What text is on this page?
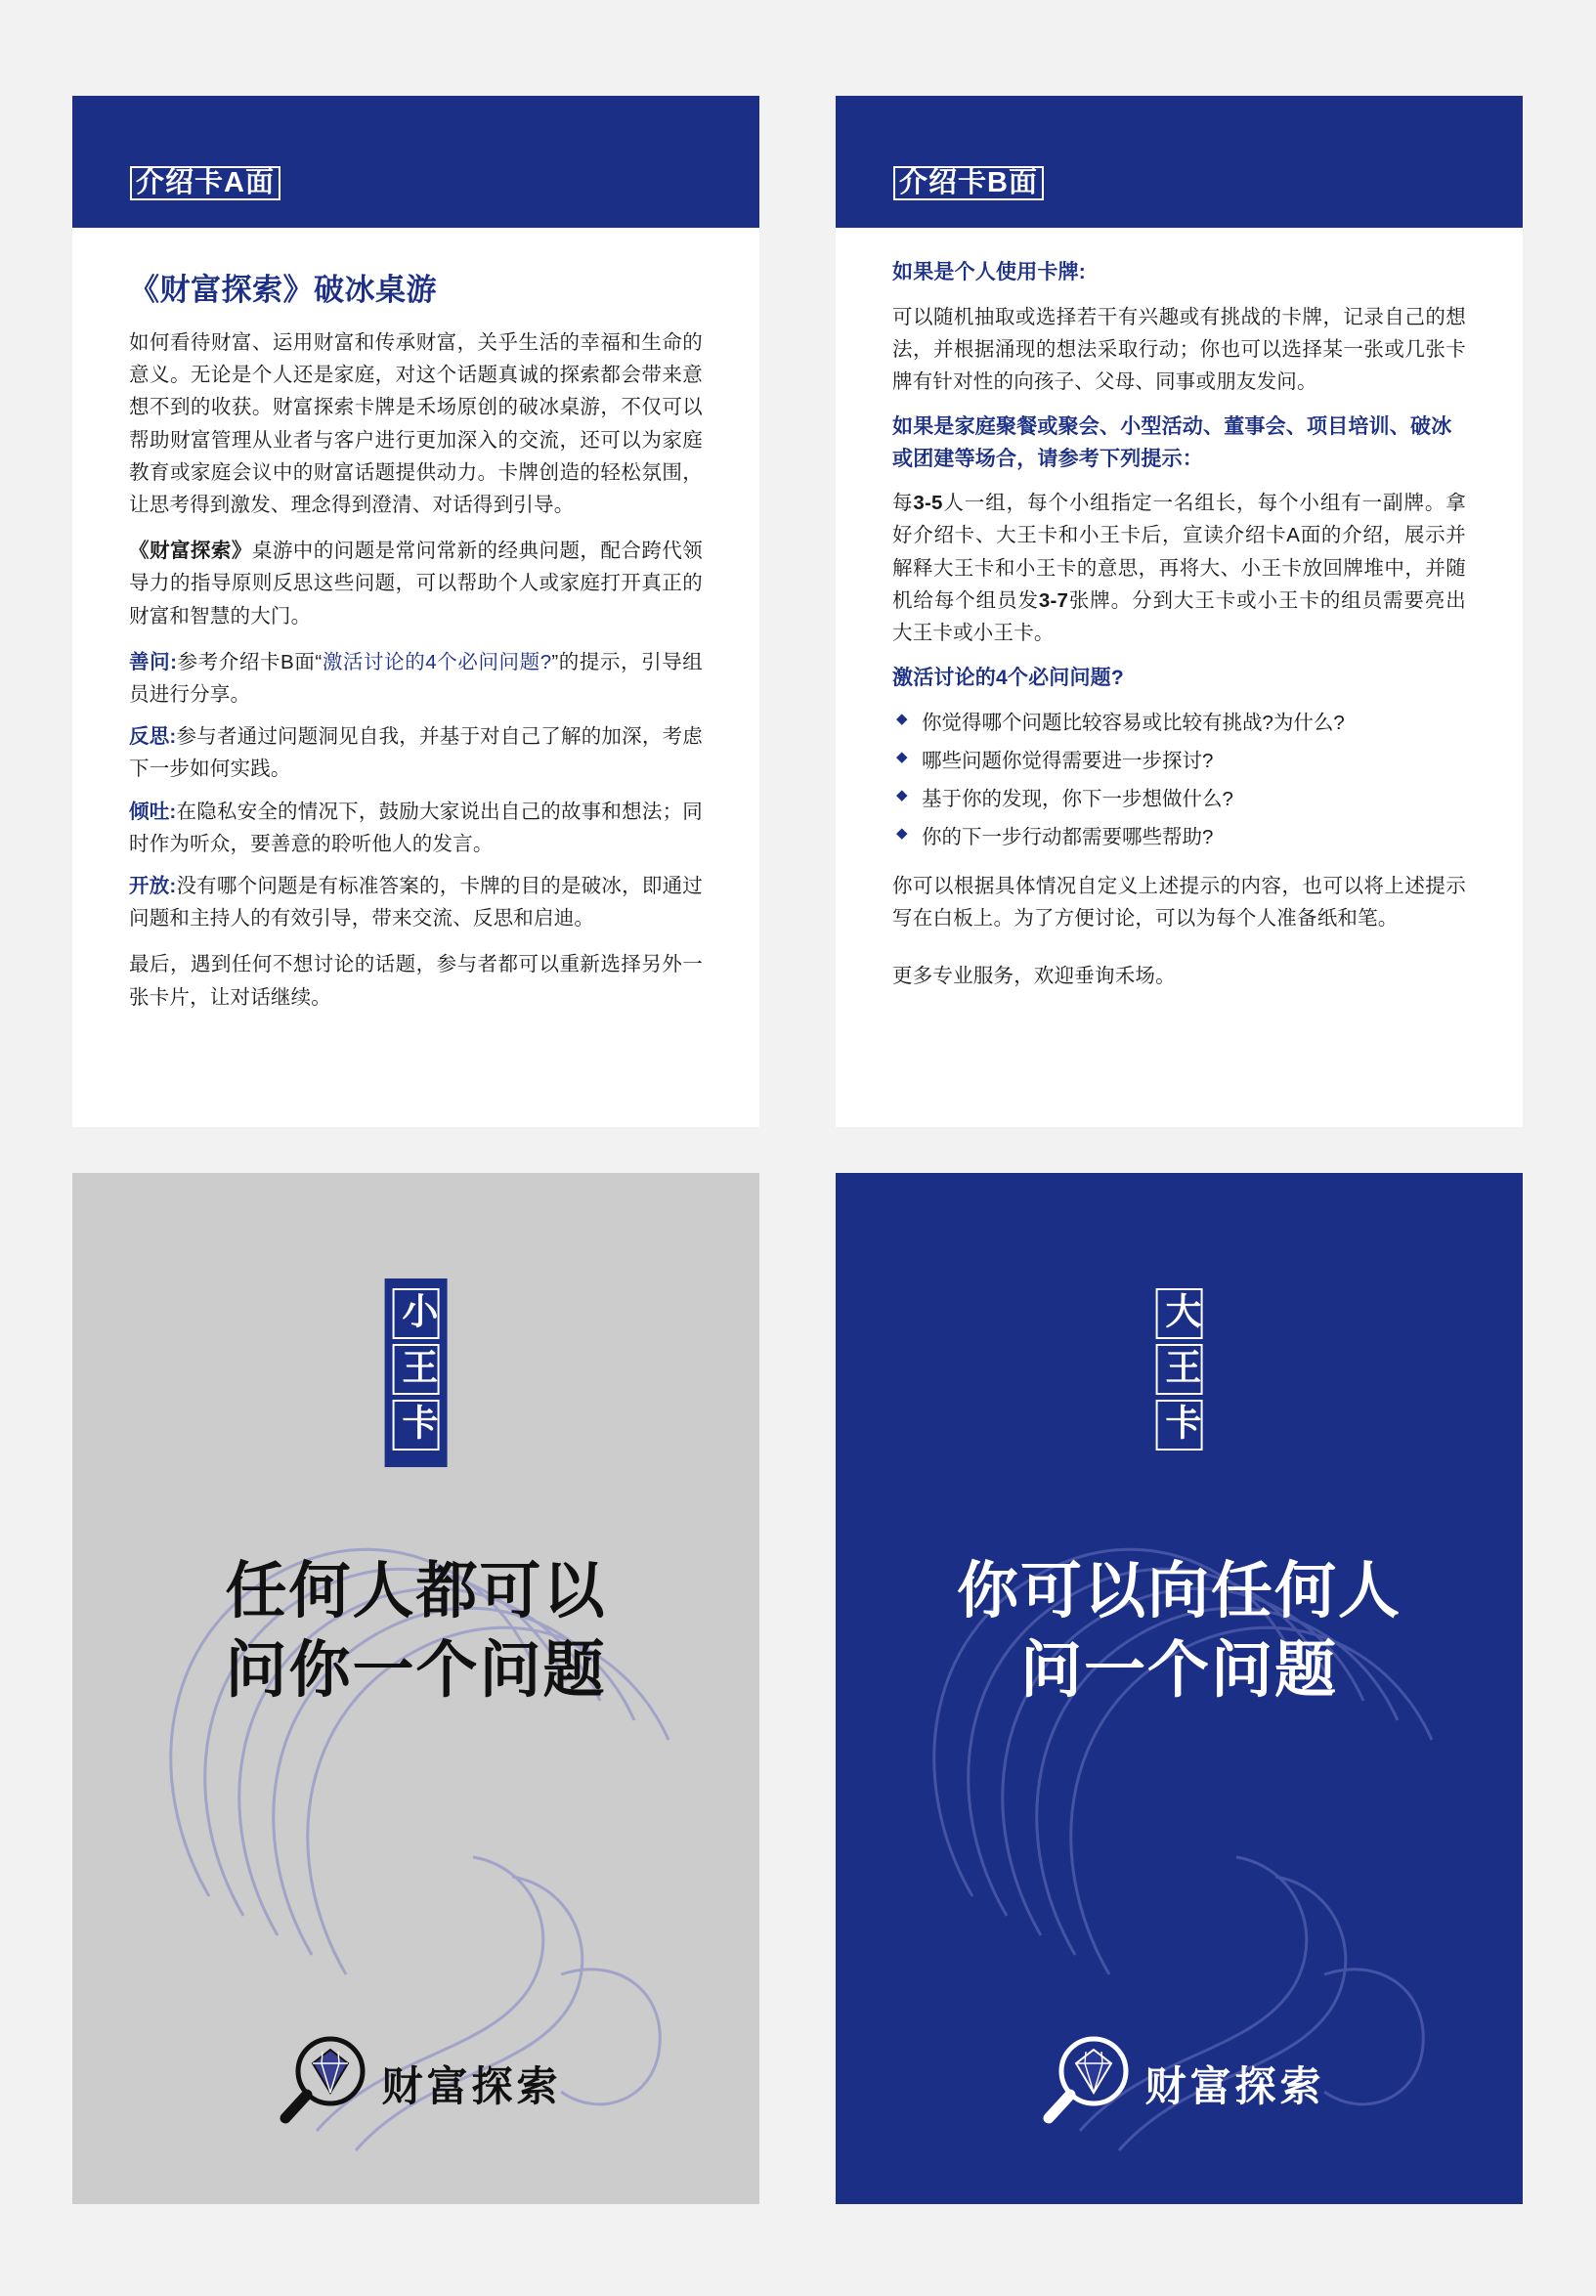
介绍卡A面
《财富探索》破冰桌游

如何看待财富、运用财富和传承财富，关乎生活的幸福和生命的意义。无论是个人还是家庭，对这个话题真诚的探索都会带来意想不到的收获。财富探索卡牌是禾场原创的破冰桌游，不仅可以帮助财富管理从业者与客户进行更加深入的交流，还可以为家庭教育或家庭会议中的财富话题提供动力。卡牌创造的轻松氛围，让思考得到激发、理念得到澄清、对话得到引导。

《财富探索》桌游中的问题是常问常新的经典问题，配合跨代领导力的指导原则反思这些问题，可以帮助个人或家庭打开真正的财富和智慧的大门。

善问:参考介绍卡B面“激活讨论的4个必问问题?”的提示，引导组员进行分享。

反思:参与者通过问题洞见自我，并基于对自己了解的加深，考虑下一步如何实践。

倾吐:在隐私安全的情况下，鼓励大家说出自己的故事和想法；同时作为听众，要善意的聆听他人的发言。

开放:没有哪个问题是有标准答案的，卡牌的目的是破冰，即通过问题和主持人的有效引导，带来交流、反思和启迪。

最后，遇到任何不想讨论的话题，参与者都可以重新选择另外一张卡片，让对话继续。

介绍卡B面
如果是个人使用卡牌:

可以随机抽取或选择若干有兴趣或有挑战的卡牌，记录自己的想法，并根据涌现的想法采取行动；你也可以选择某一张或几张卡牌有针对性的向孩子、父母、同事或朋友发问。

如果是家庭聚餐或聚会、小型活动、董事会、项目培训、破冰或团建等场合，请参考下列提示：

每3-5人一组，每个小组指定一名组长，每个小组有一副牌。拿好介绍卡、大王卡和小王卡后，宣读介绍卡A面的介绍，展示并解释大王卡和小王卡的意思，再将大、小王卡放回牌堆中，并随机给每个组员发3-7张牌。分到大王卡或小王卡的组员需要亮出大王卡或小王卡。

激活讨论的4个必问问题?
◆ 你觉得哪个问题比较容易或比较有挑战?为什么?
◆ 哪些问题你觉得需要进一步探讨?
◆ 基于你的发现，你下一步想做什么?
◆ 你的下一步行动都需要哪些帮助?

你可以根据具体情况自定义上述提示的内容，也可以将上述提示写在白板上。为了方便讨论，可以为每个人准备纸和笔。

更多专业服务，欢迎垂询禾场。

小王卡
任何人都可以
问你一个问题
财富探索
大王卡
你可以向任何人
问一个问题
财富探索
